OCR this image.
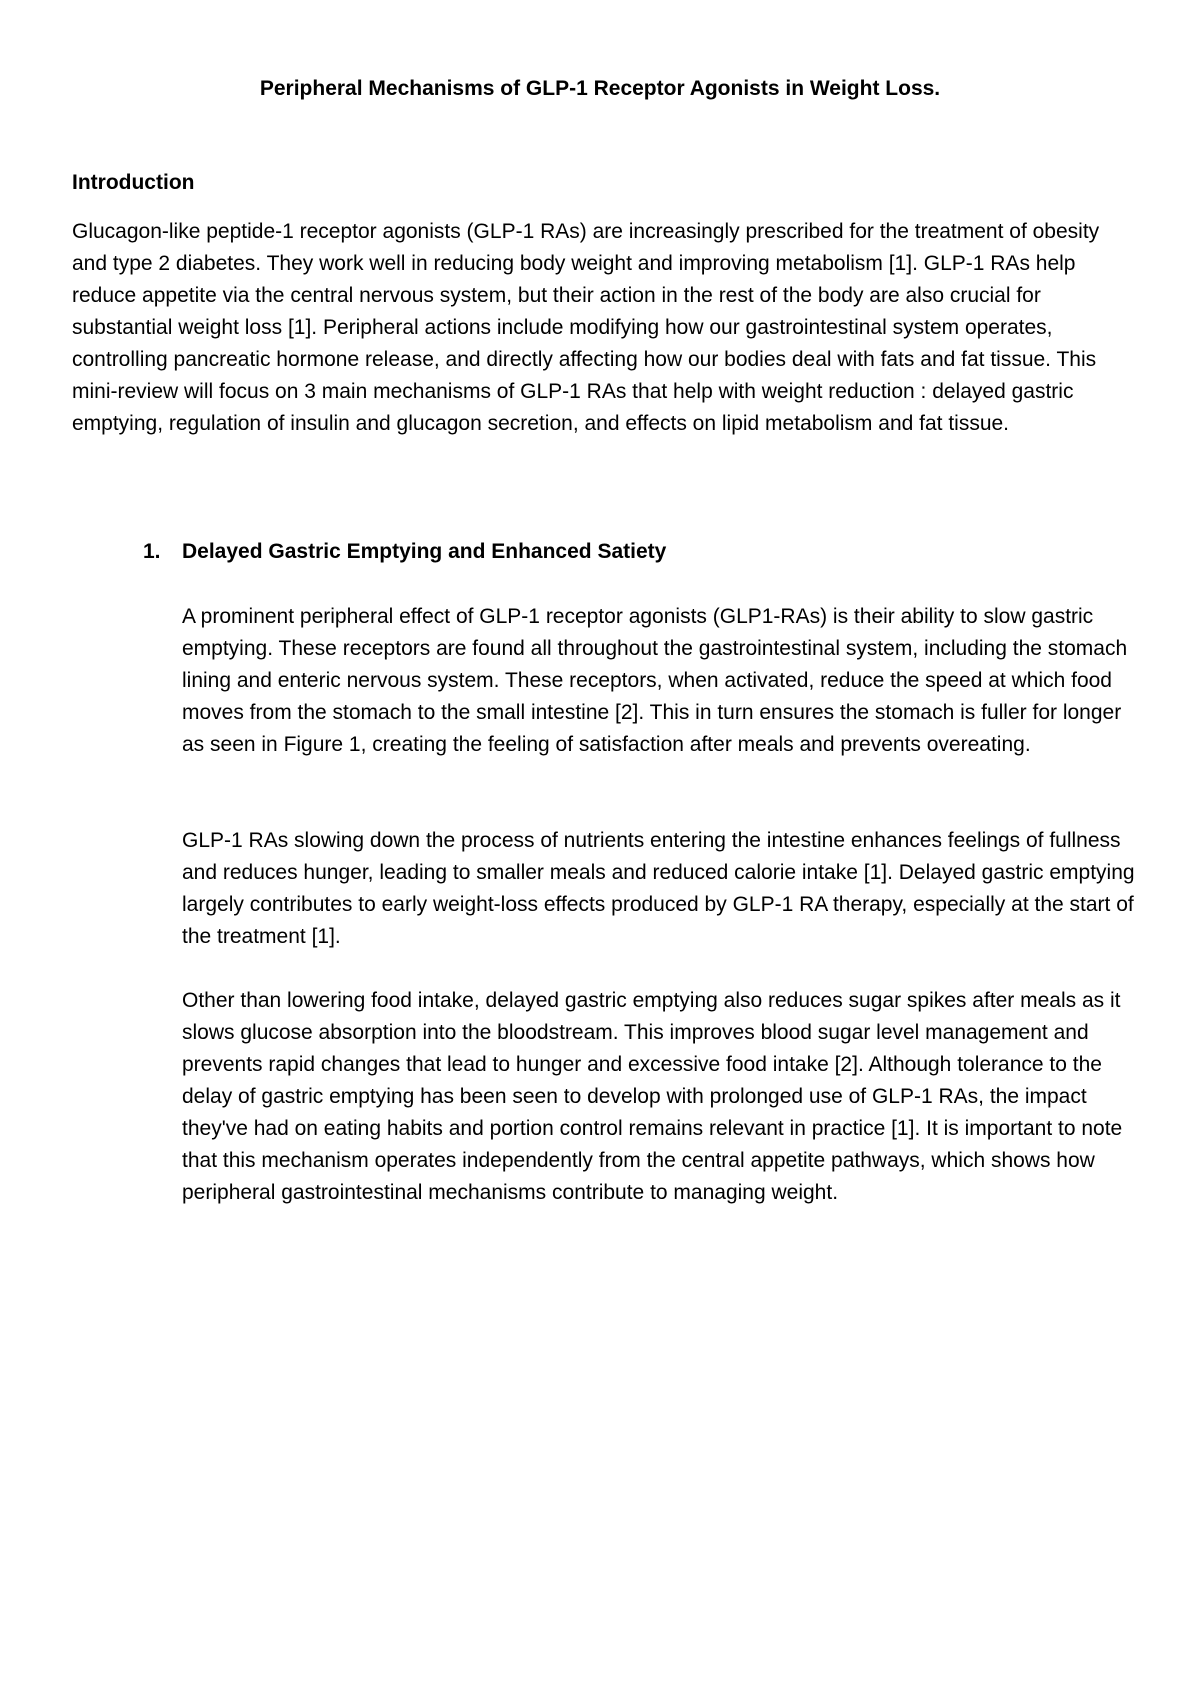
Peripheral Mechanisms of GLP-1 Receptor Agonists in Weight Loss.
Introduction

Glucagon-like peptide-1 receptor agonists (GLP-1 RAs) are increasingly prescribed for the treatment of obesity and type 2 diabetes. They work well in reducing body weight and improving metabolism [1]. GLP-1 RAs help reduce appetite via the central nervous system, but their action in the rest of the body are also crucial for substantial weight loss [1]. Peripheral actions include modifying how our gastrointestinal system operates, controlling pancreatic hormone release, and directly affecting how our bodies deal with fats and fat tissue. This mini-review will focus on 3 main mechanisms of GLP-1 RAs that help with weight reduction : delayed gastric emptying, regulation of insulin and glucagon secretion, and effects on lipid metabolism and fat tissue.

1. Delayed Gastric Emptying and Enhanced Satiety

A prominent peripheral effect of GLP-1 receptor agonists (GLP1-RAs) is their ability to slow gastric emptying. These receptors are found all throughout the gastrointestinal system, including the stomach lining and enteric nervous system. These receptors, when activated, reduce the speed at which food moves from the stomach to the small intestine [2]. This in turn ensures the stomach is fuller for longer as seen in Figure 1, creating the feeling of satisfaction after meals and prevents overeating.

GLP-1 RAs slowing down the process of nutrients entering the intestine enhances feelings of fullness and reduces hunger, leading to smaller meals and reduced calorie intake [1]. Delayed gastric emptying largely contributes to early weight-loss effects produced by GLP-1 RA therapy, especially at the start of the treatment [1].

Other than lowering food intake, delayed gastric emptying also reduces sugar spikes after meals as it slows glucose absorption into the bloodstream. This improves blood sugar level management and prevents rapid changes that lead to hunger and excessive food intake [2]. Although tolerance to the delay of gastric emptying has been seen to develop with prolonged use of GLP-1 RAs, the impact they've had on eating habits and portion control remains relevant in practice [1]. It is important to note that this mechanism operates independently from the central appetite pathways, which shows how peripheral gastrointestinal mechanisms contribute to managing weight.
